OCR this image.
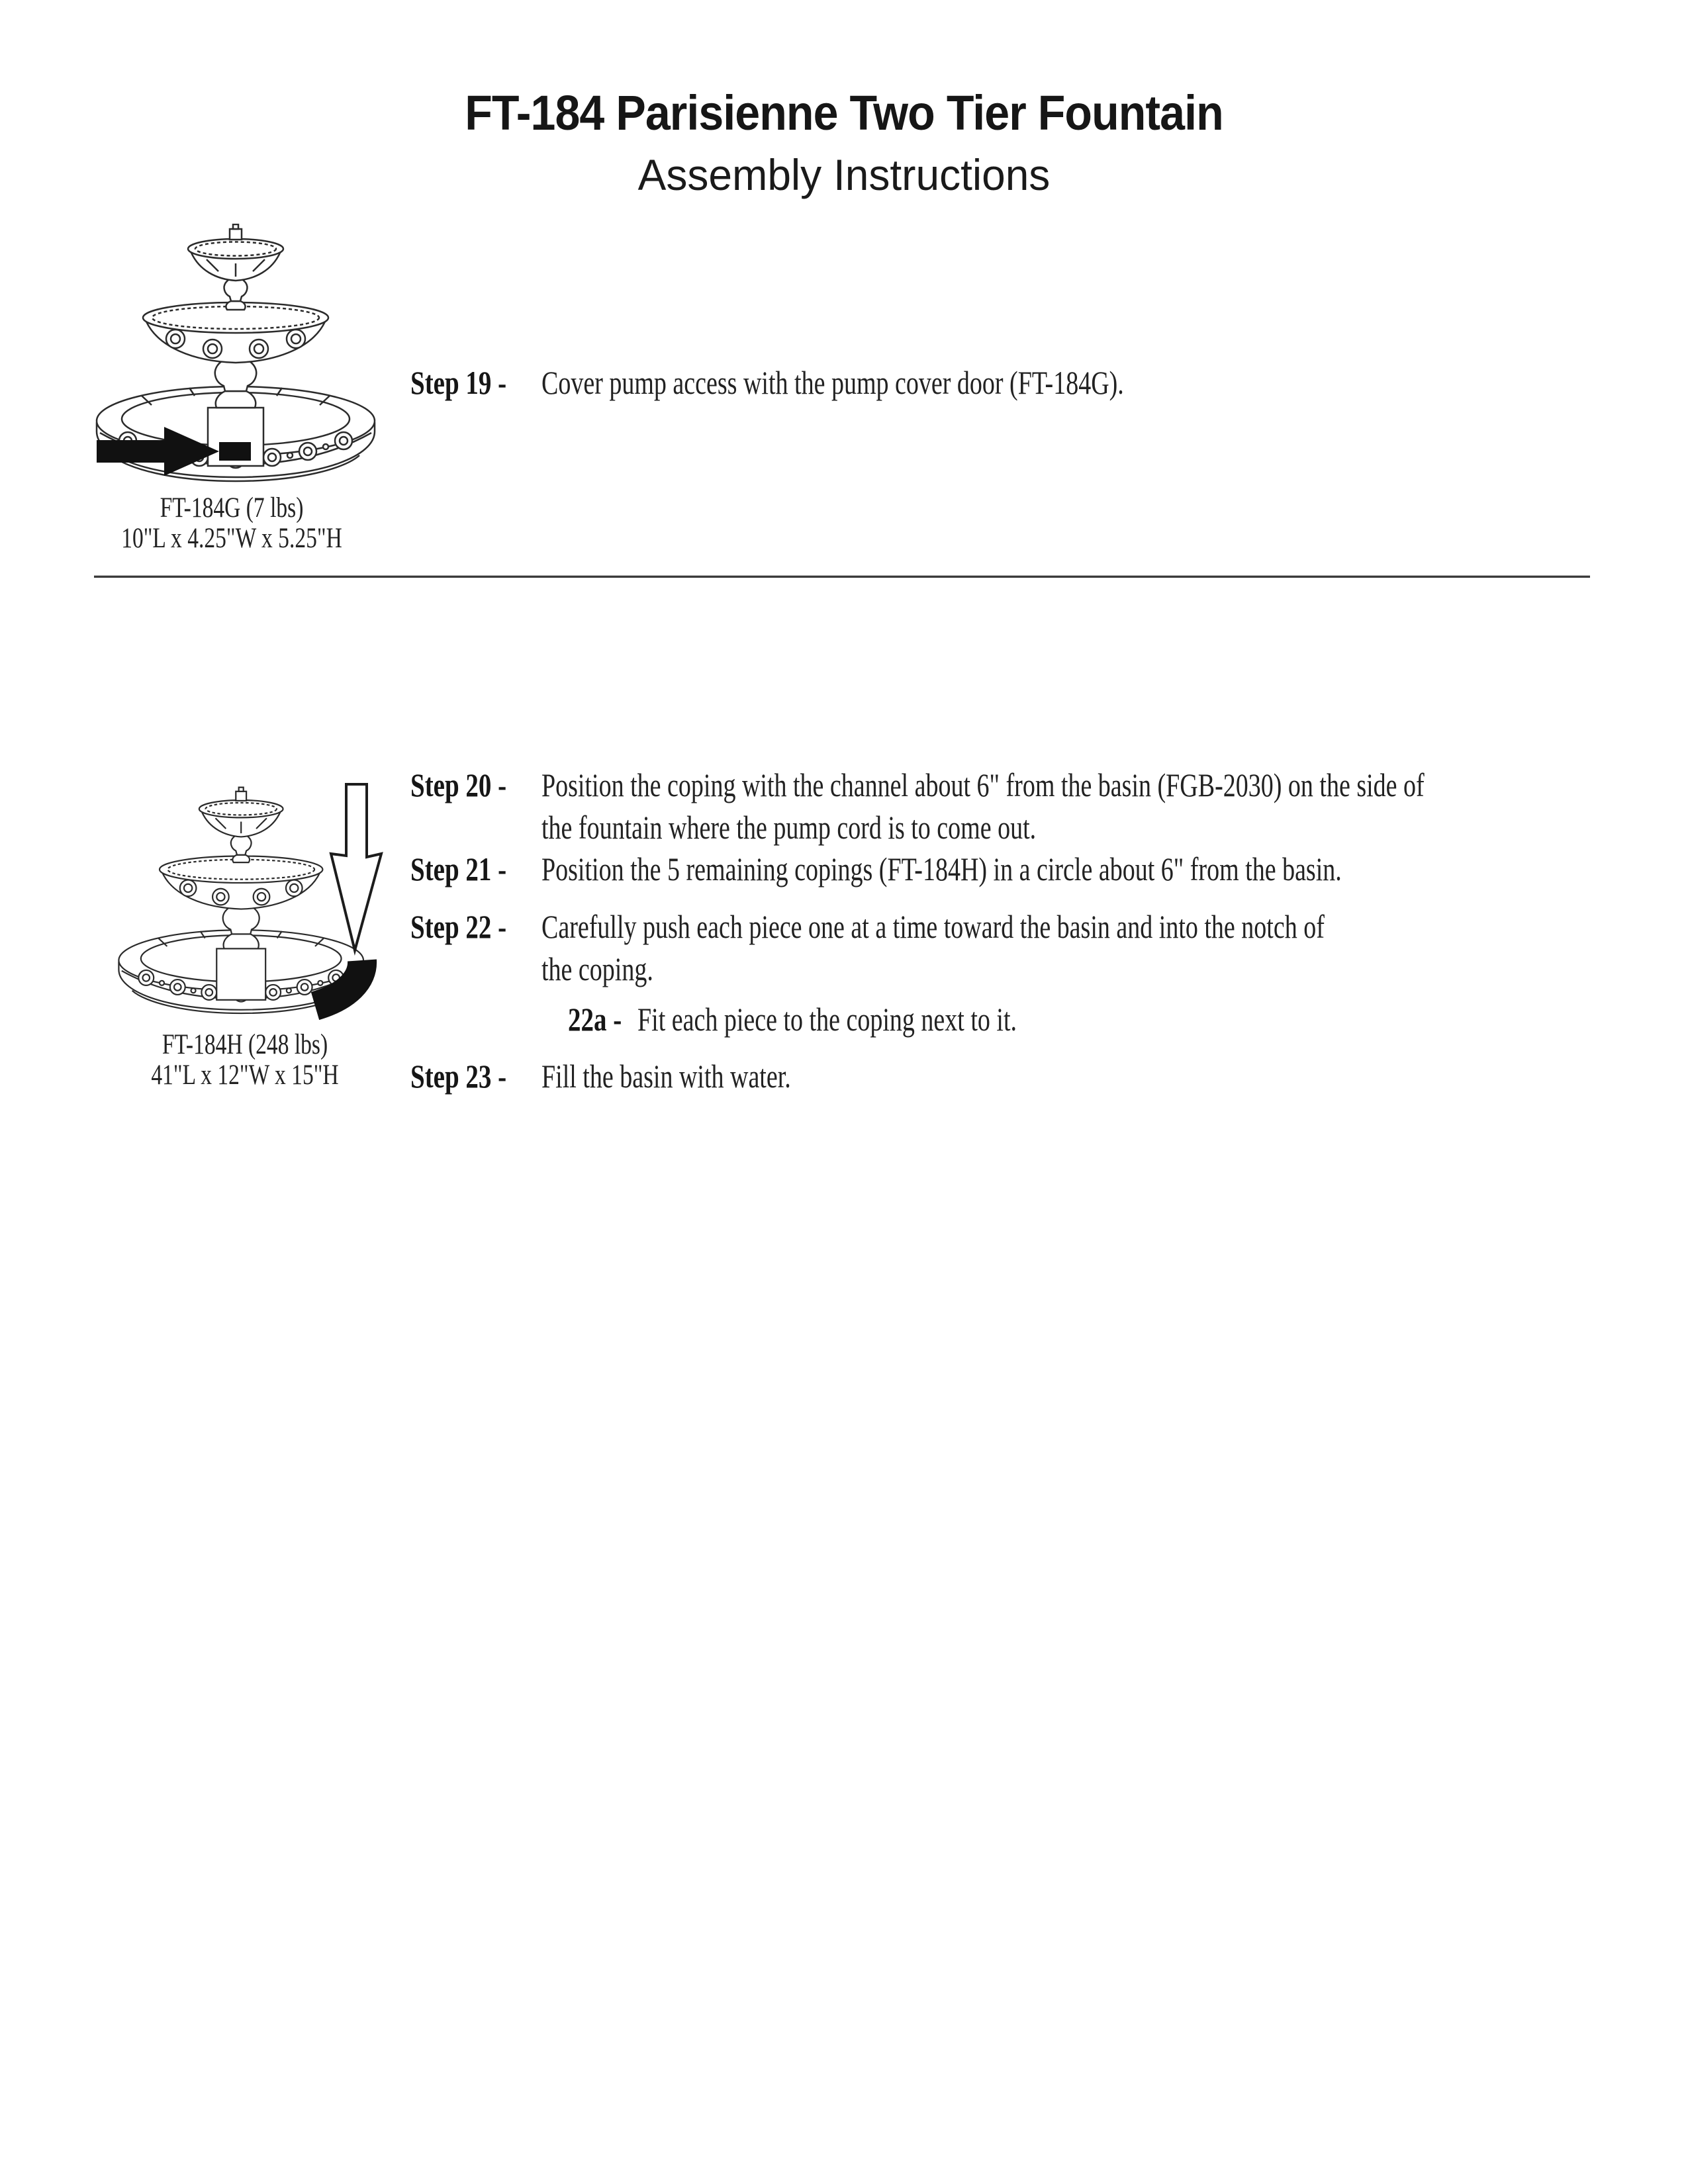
FT-184 Parisienne Two Tier Fountain
Assembly Instructions
FT-184G (7 lbs)
10"L x 4.25"W x 5.25"H
Step 19 - Cover pump access with the pump cover door (FT-184G).
FT-184H (248 lbs)
41"L x 12"W x 15"H
Step 20 - Position the coping with the channel about 6" from the basin (FGB-2030) on the side of
the fountain where the pump cord is to come out.
Step 21 - Position the 5 remaining copings (FT-184H) in a circle about 6" from the basin.
Step 22 - Carefully push each piece one at a time toward the basin and into the notch of
the coping.
22a - Fit each piece to the coping next to it.
Step 23 - Fill the basin with water.
